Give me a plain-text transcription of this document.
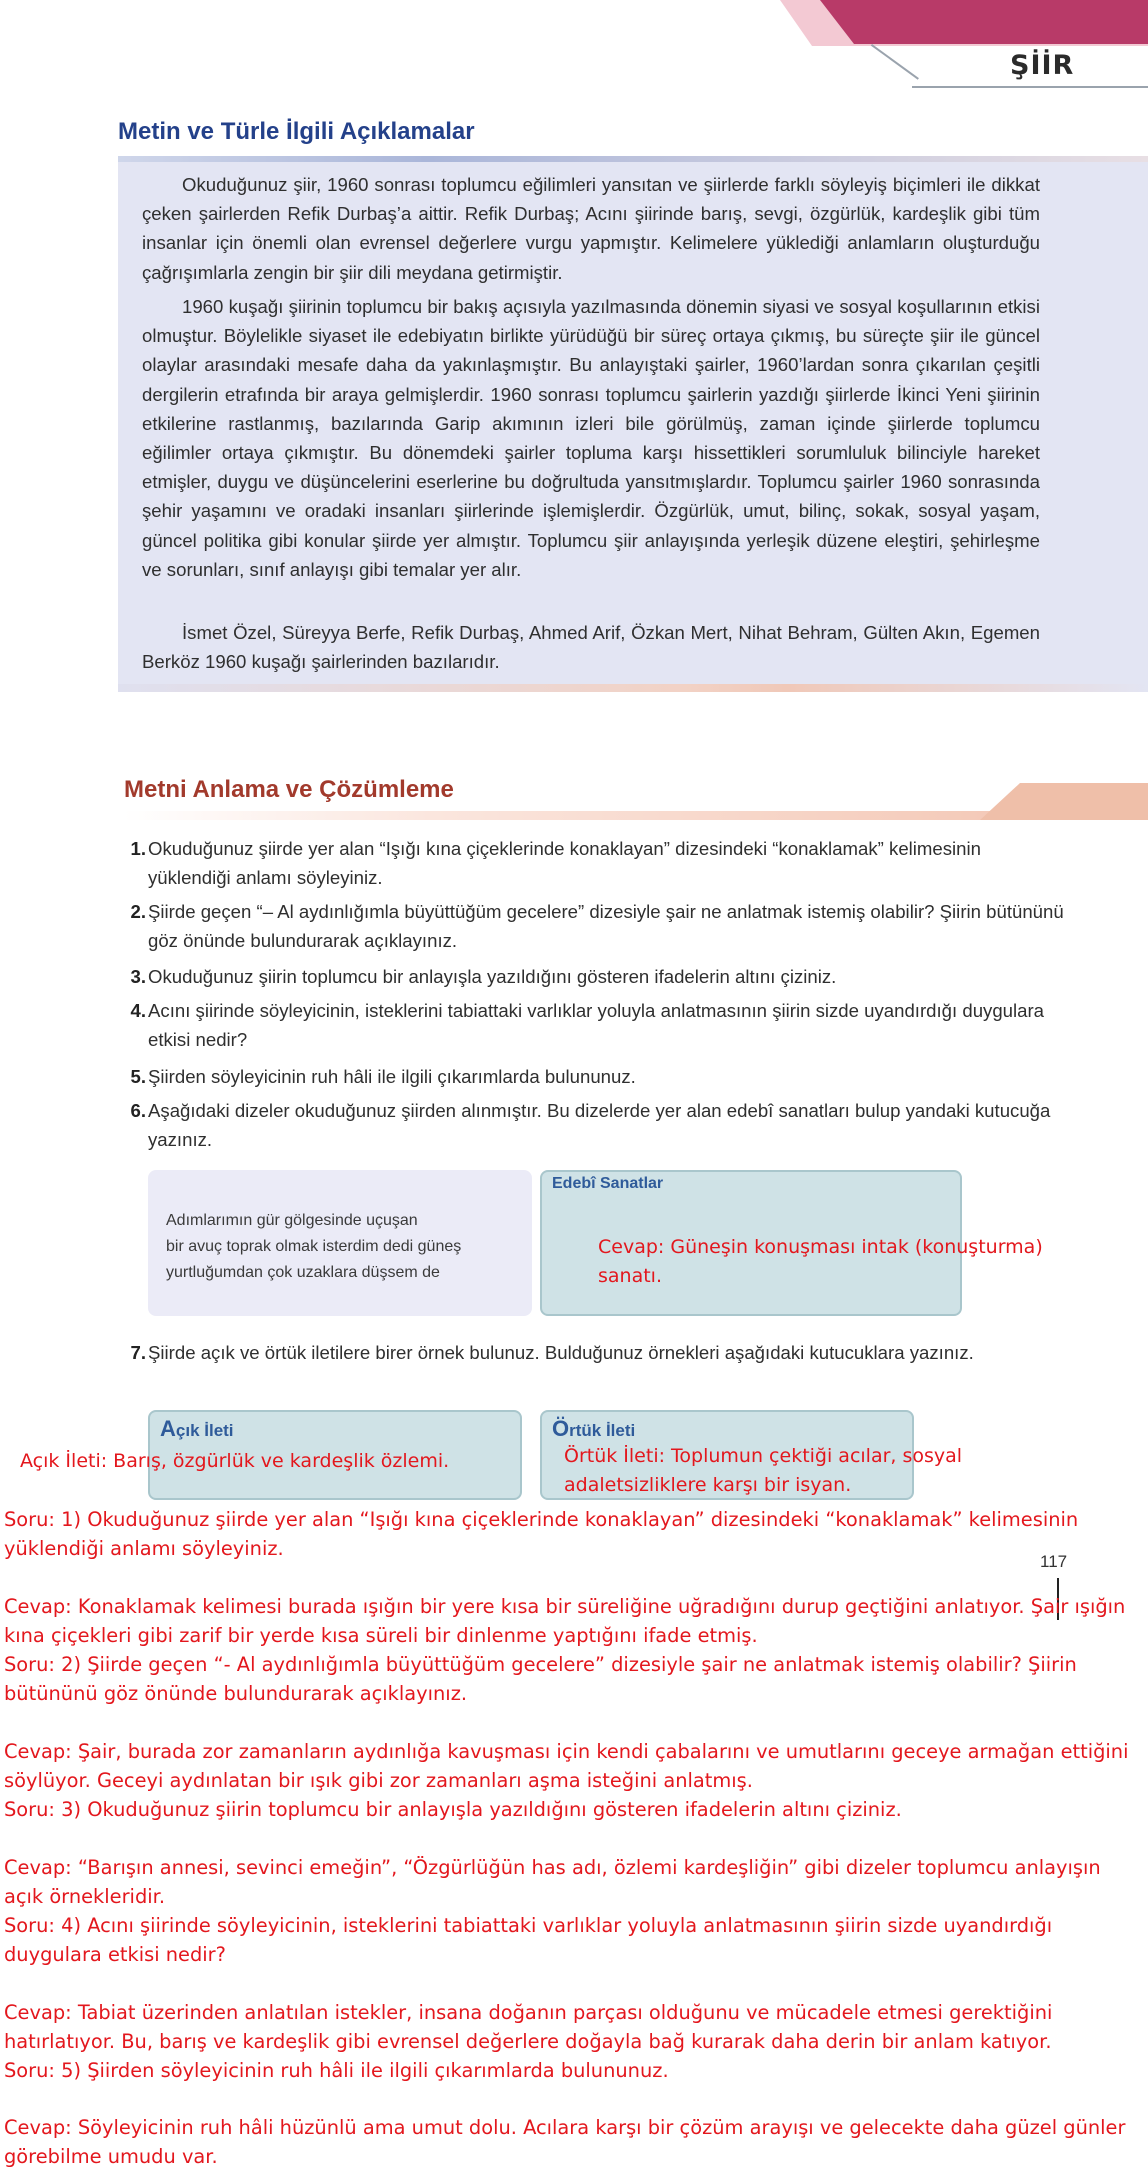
ŞİİR
Metin ve Türle İlgili Açıklamalar
Okuduğunuz şiir, 1960 sonrası toplumcu eğilimleri yansıtan ve şiirlerde farklı söyleyiş biçimleri ile dikkat çeken şairlerden Refik Durbaş’a aittir. Refik Durbaş; Acını şiirinde barış, sevgi, özgürlük, kardeşlik gibi tüm insanlar için önemli olan evrensel değerlere vurgu yapmıştır. Kelimelere yüklediği anlamların oluşturduğu çağrışımlarla zengin bir şiir dili meydana getirmiştir.
1960 kuşağı şiirinin toplumcu bir bakış açısıyla yazılmasında dönemin siyasi ve sosyal koşullarının etkisi olmuştur. Böylelikle siyaset ile edebiyatın birlikte yürüdüğü bir süreç ortaya çıkmış, bu süreçte şiir ile güncel olaylar arasındaki mesafe daha da yakınlaşmıştır. Bu anlayıştaki şairler, 1960’lardan sonra çıkarılan çeşitli dergilerin etrafında bir araya gelmişlerdir. 1960 sonrası toplumcu şairlerin yazdığı şiirlerde İkinci Yeni şiirinin etkilerine rastlanmış, bazılarında Garip akımının izleri bile görülmüş, zaman içinde şiirlerde toplumcu eğilimler ortaya çıkmıştır. Bu dönemdeki şairler topluma karşı hissettikleri sorumluluk bilinciyle hareket etmişler, duygu ve düşüncelerini eserlerine bu doğrultuda yansıtmışlardır. Toplumcu şairler 1960 sonrasında şehir yaşamını ve oradaki insanları şiirlerinde işlemişlerdir. Özgürlük, umut, bilinç, sokak, sosyal yaşam, güncel politika gibi konular şiirde yer almıştır. Toplumcu şiir anlayışında yerleşik düzene eleştiri, şehirleşme ve sorunları, sınıf anlayışı gibi temalar yer alır.
İsmet Özel, Süreyya Berfe, Refik Durbaş, Ahmed Arif, Özkan Mert, Nihat Behram, Gülten Akın, Egemen Berköz 1960 kuşağı şairlerinden bazılarıdır.
Metni Anlama ve Çözümleme
1. Okuduğunuz şiirde yer alan “Işığı kına çiçeklerinde konaklayan” dizesindeki “konaklamak” kelimesinin yüklendiği anlamı söyleyiniz.
2. Şiirde geçen “– Al aydınlığımla büyüttüğüm gecelere” dizesiyle şair ne anlatmak istemiş olabilir? Şiirin bütününü göz önünde bulundurarak açıklayınız.
3. Okuduğunuz şiirin toplumcu bir anlayışla yazıldığını gösteren ifadelerin altını çiziniz.
4. Acını şiirinde söyleyicinin, isteklerini tabiattaki varlıklar yoluyla anlatmasının şiirin sizde uyandırdığı duygulara etkisi nedir?
5. Şiirden söyleyicinin ruh hâli ile ilgili çıkarımlarda bulununuz.
6. Aşağıdaki dizeler okuduğunuz şiirden alınmıştır. Bu dizelerde yer alan edebî sanatları bulup yandaki kutucuğa yazınız.
Adımlarımın gür gölgesinde uçuşan
bir avuç toprak olmak isterdim dedi güneş
yurtluğumdan çok uzaklara düşsem de
Edebî Sanatlar
Cevap: Güneşin konuşması intak (konuşturma) sanatı.
7. Şiirde açık ve örtük iletilere birer örnek bulunuz. Bulduğunuz örnekleri aşağıdaki kutucuklara yazınız.
Açık İleti	Örtük İleti
Açık İleti: Barış, özgürlük ve kardeşlik özlemi.	Örtük İleti: Toplumun çektiği acılar, sosyal adaletsizliklere karşı bir isyan.
117
Soru: 1) Okuduğunuz şiirde yer alan “Işığı kına çiçeklerinde konaklayan” dizesindeki “konaklamak” kelimesinin yüklendiği anlamı söyleyiniz.
Cevap: Konaklamak kelimesi burada ışığın bir yere kısa bir süreliğine uğradığını durup geçtiğini anlatıyor. Şair ışığın kına çiçekleri gibi zarif bir yerde kısa süreli bir dinlenme yaptığını ifade etmiş.
Soru: 2) Şiirde geçen “- Al aydınlığımla büyüttüğüm gecelere” dizesiyle şair ne anlatmak istemiş olabilir? Şiirin bütününü göz önünde bulundurarak açıklayınız.
Cevap: Şair, burada zor zamanların aydınlığa kavuşması için kendi çabalarını ve umutlarını geceye armağan ettiğini söylüyor. Geceyi aydınlatan bir ışık gibi zor zamanları aşma isteğini anlatmış.
Soru: 3) Okuduğunuz şiirin toplumcu bir anlayışla yazıldığını gösteren ifadelerin altını çiziniz.
Cevap: “Barışın annesi, sevinci emeğin”, “Özgürlüğün has adı, özlemi kardeşliğin” gibi dizeler toplumcu anlayışın açık örnekleridir.
Soru: 4) Acını şiirinde söyleyicinin, isteklerini tabiattaki varlıklar yoluyla anlatmasının şiirin sizde uyandırdığı duygulara etkisi nedir?
Cevap: Tabiat üzerinden anlatılan istekler, insana doğanın parçası olduğunu ve mücadele etmesi gerektiğini hatırlatıyor. Bu, barış ve kardeşlik gibi evrensel değerlere doğayla bağ kurarak daha derin bir anlam katıyor.
Soru: 5) Şiirden söyleyicinin ruh hâli ile ilgili çıkarımlarda bulununuz.
Cevap: Söyleyicinin ruh hâli hüzünlü ama umut dolu. Acılara karşı bir çözüm arayışı ve gelecekte daha güzel günler görebilme umudu var.
